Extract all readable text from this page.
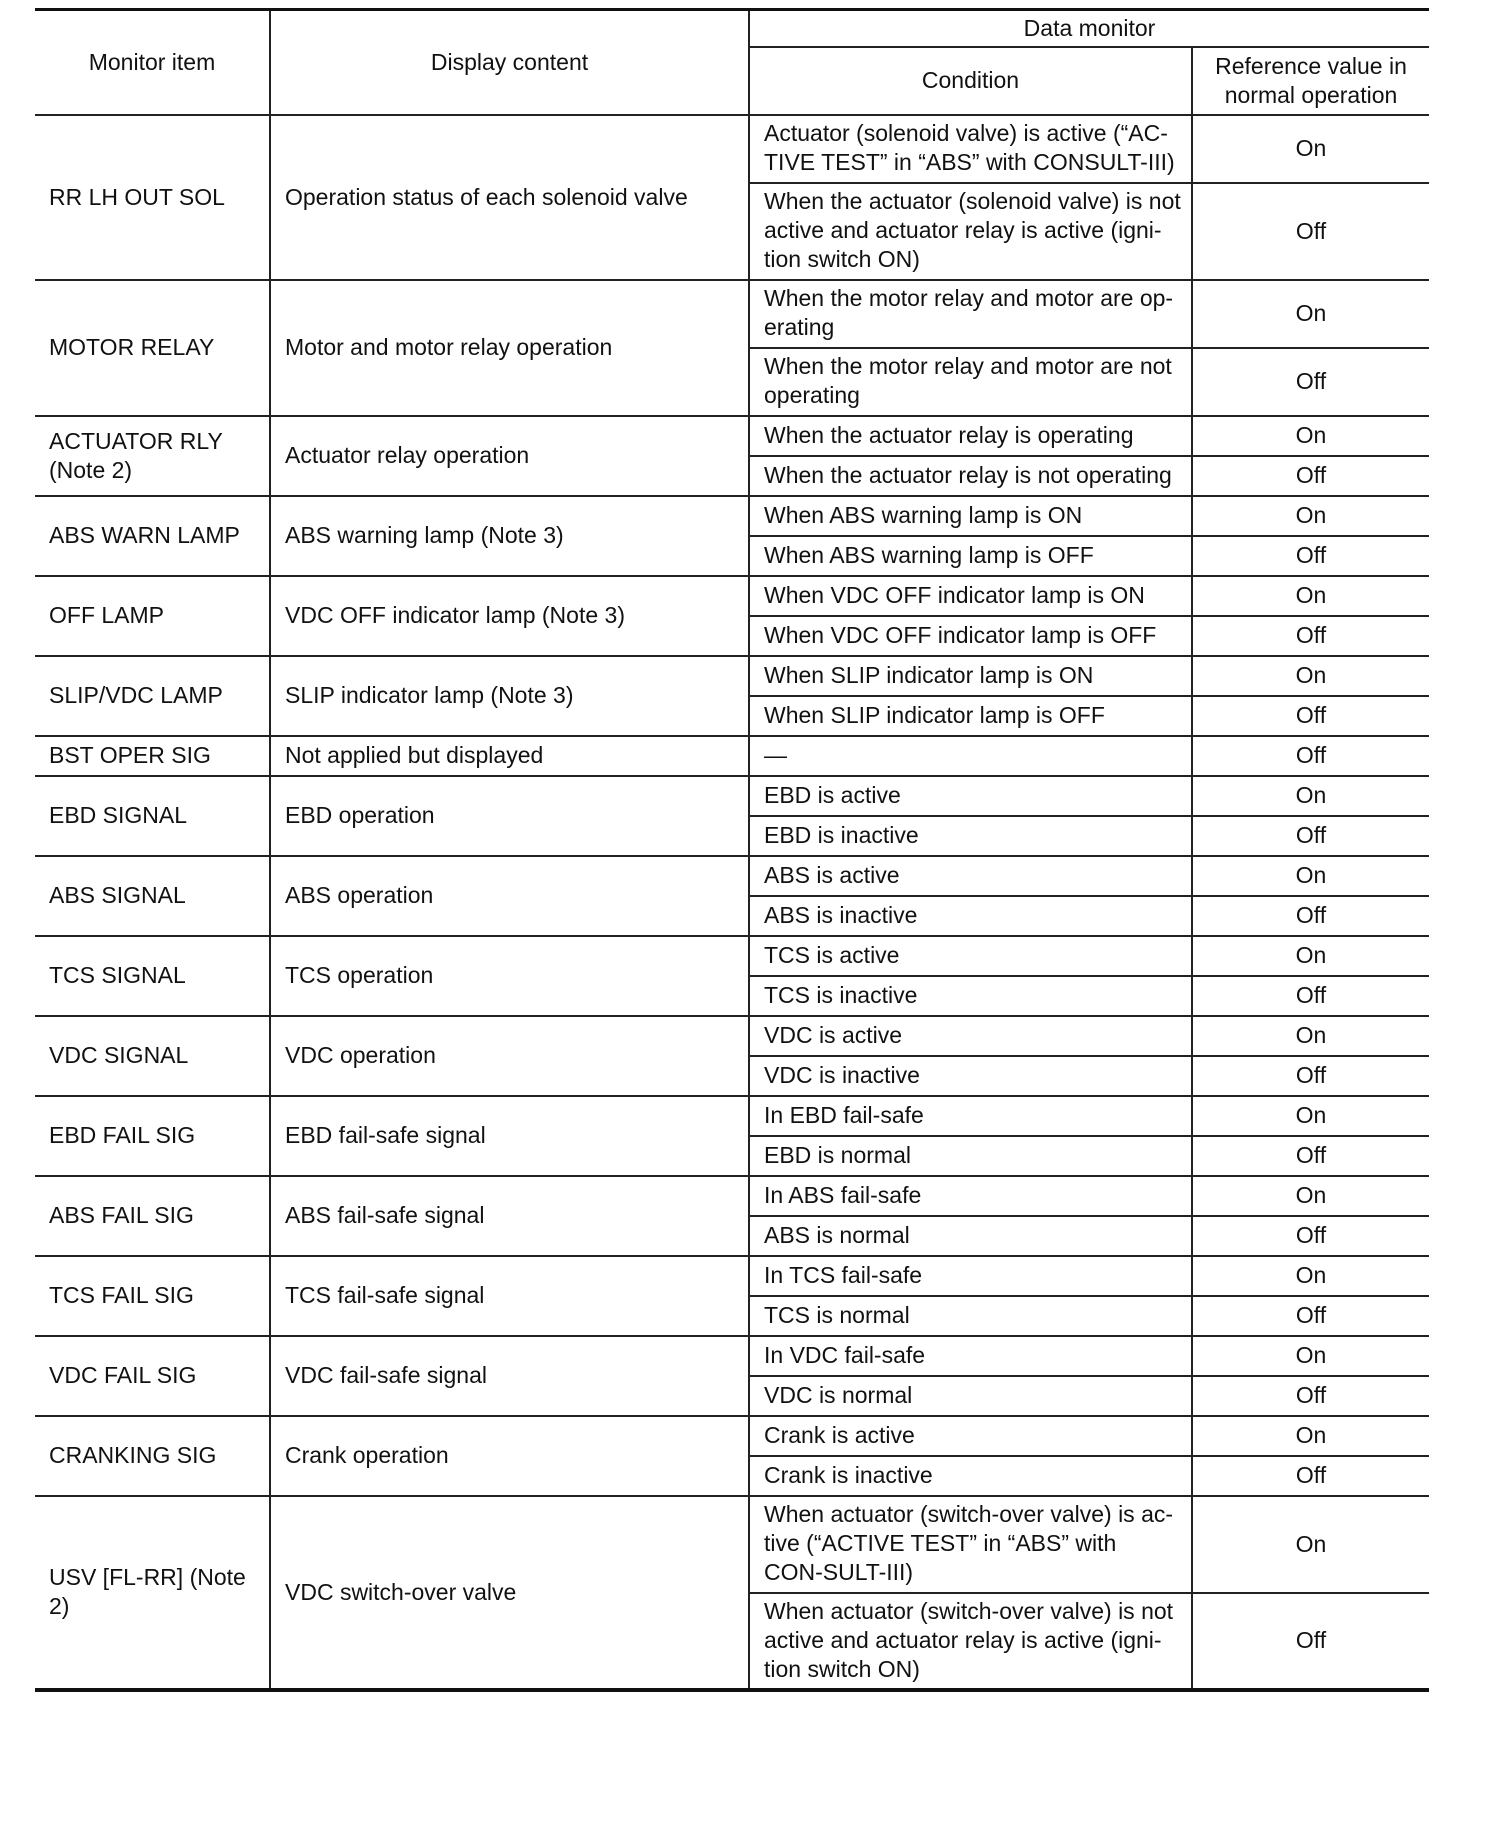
Monitor item	Display content	Data monitor	
		Condition	Reference value in normal operation
RR LH OUT SOL	Operation status of each solenoid valve	Actuator (solenoid valve) is active (“AC-TIVE TEST” in “ABS” with CONSULT-III)	On
		When the actuator (solenoid valve) is not active and actuator relay is active (igni-tion switch ON)	Off
MOTOR RELAY	Motor and motor relay operation	When the motor relay and motor are op-erating	On
		When the motor relay and motor are not operating	Off
ACTUATOR RLY (Note 2)	Actuator relay operation	When the actuator relay is operating	On
		When the actuator relay is not operating	Off
ABS WARN LAMP	ABS warning lamp (Note 3)	When ABS warning lamp is ON	On
		When ABS warning lamp is OFF	Off
OFF LAMP	VDC OFF indicator lamp (Note 3)	When VDC OFF indicator lamp is ON	On
		When VDC OFF indicator lamp is OFF	Off
SLIP/VDC LAMP	SLIP indicator lamp (Note 3)	When SLIP indicator lamp is ON	On
		When SLIP indicator lamp is OFF	Off
BST OPER SIG	Not applied but displayed	—	Off
EBD SIGNAL	EBD operation	EBD is active	On
		EBD is inactive	Off
ABS SIGNAL	ABS operation	ABS is active	On
		ABS is inactive	Off
TCS SIGNAL	TCS operation	TCS is active	On
		TCS is inactive	Off
VDC SIGNAL	VDC operation	VDC is active	On
		VDC is inactive	Off
EBD FAIL SIG	EBD fail-safe signal	In EBD fail-safe	On
		EBD is normal	Off
ABS FAIL SIG	ABS fail-safe signal	In ABS fail-safe	On
		ABS is normal	Off
TCS FAIL SIG	TCS fail-safe signal	In TCS fail-safe	On
		TCS is normal	Off
VDC FAIL SIG	VDC fail-safe signal	In VDC fail-safe	On
		VDC is normal	Off
CRANKING SIG	Crank operation	Crank is active	On
		Crank is inactive	Off
USV [FL-RR] (Note 2)	VDC switch-over valve	When actuator (switch-over valve) is ac-tive (“ACTIVE TEST” in “ABS” with CON-SULT-III)	On
		When actuator (switch-over valve) is not active and actuator relay is active (igni-tion switch ON)	Off
